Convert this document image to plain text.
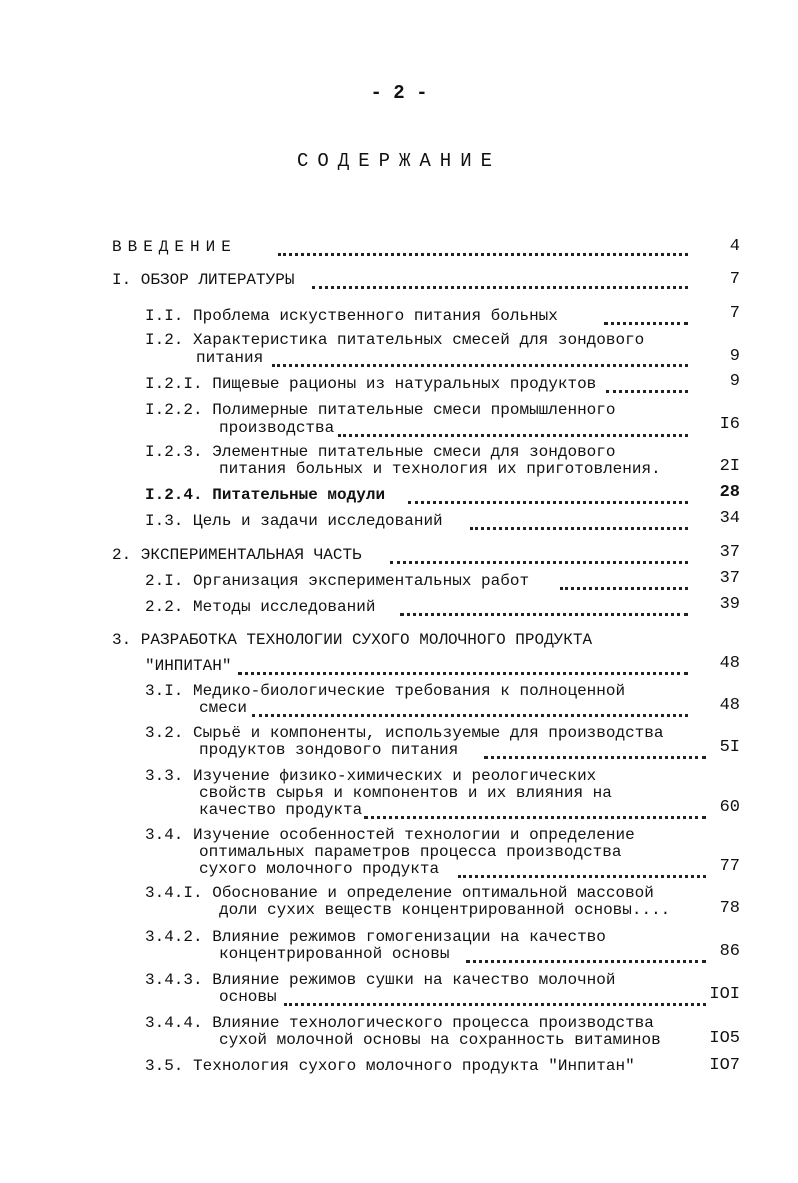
- 2 -
СОДЕРЖАНИЕ
ВВЕДЕНИЕ	4
I. ОБЗОР ЛИТЕРАТУРЫ	7
I.I. Проблема искуственного питания больных	7
I.2. Характеристика питательных смесей для зондового
питания	9
I.2.I. Пищевые рационы из натуральных продуктов	9
I.2.2. Полимерные питательные смеси промышленного
производства	I6
I.2.3. Элементные питательные смеси для зондового
питания больных и технология их приготовления.	2I
I.2.4. Питательные модули	28
I.3. Цель и задачи исследований	34
2. ЭКСПЕРИМЕНТАЛЬНАЯ ЧАСТЬ	37
2.I. Организация экспериментальных работ	37
2.2. Методы исследований	39
3. РАЗРАБОТКА ТЕХНОЛОГИИ СУХОГО МОЛОЧНОГО ПРОДУКТА
"ИНПИТАН"	48
3.I. Медико-биологические требования к полноценной
смеси	48
3.2. Сырьё и компоненты, используемые для производства
продуктов зондового питания	5I
3.3. Изучение физико-химических и реологических
свойств сырья и компонентов и их влияния на
качество продукта	60
3.4. Изучение особенностей технологии и определение
оптимальных параметров процесса производства
сухого молочного продукта	77
3.4.I. Обоснование и определение оптимальной массовой
доли сухих веществ концентрированной основы....	78
3.4.2. Влияние режимов гомогенизации на качество
концентрированной основы	86
3.4.3. Влияние режимов сушки на качество молочной
основы	IOI
3.4.4. Влияние технологического процесса производства
сухой молочной основы на сохранность витаминов	IO5
3.5. Технология сухого молочного продукта "Инпитан"	IO7
